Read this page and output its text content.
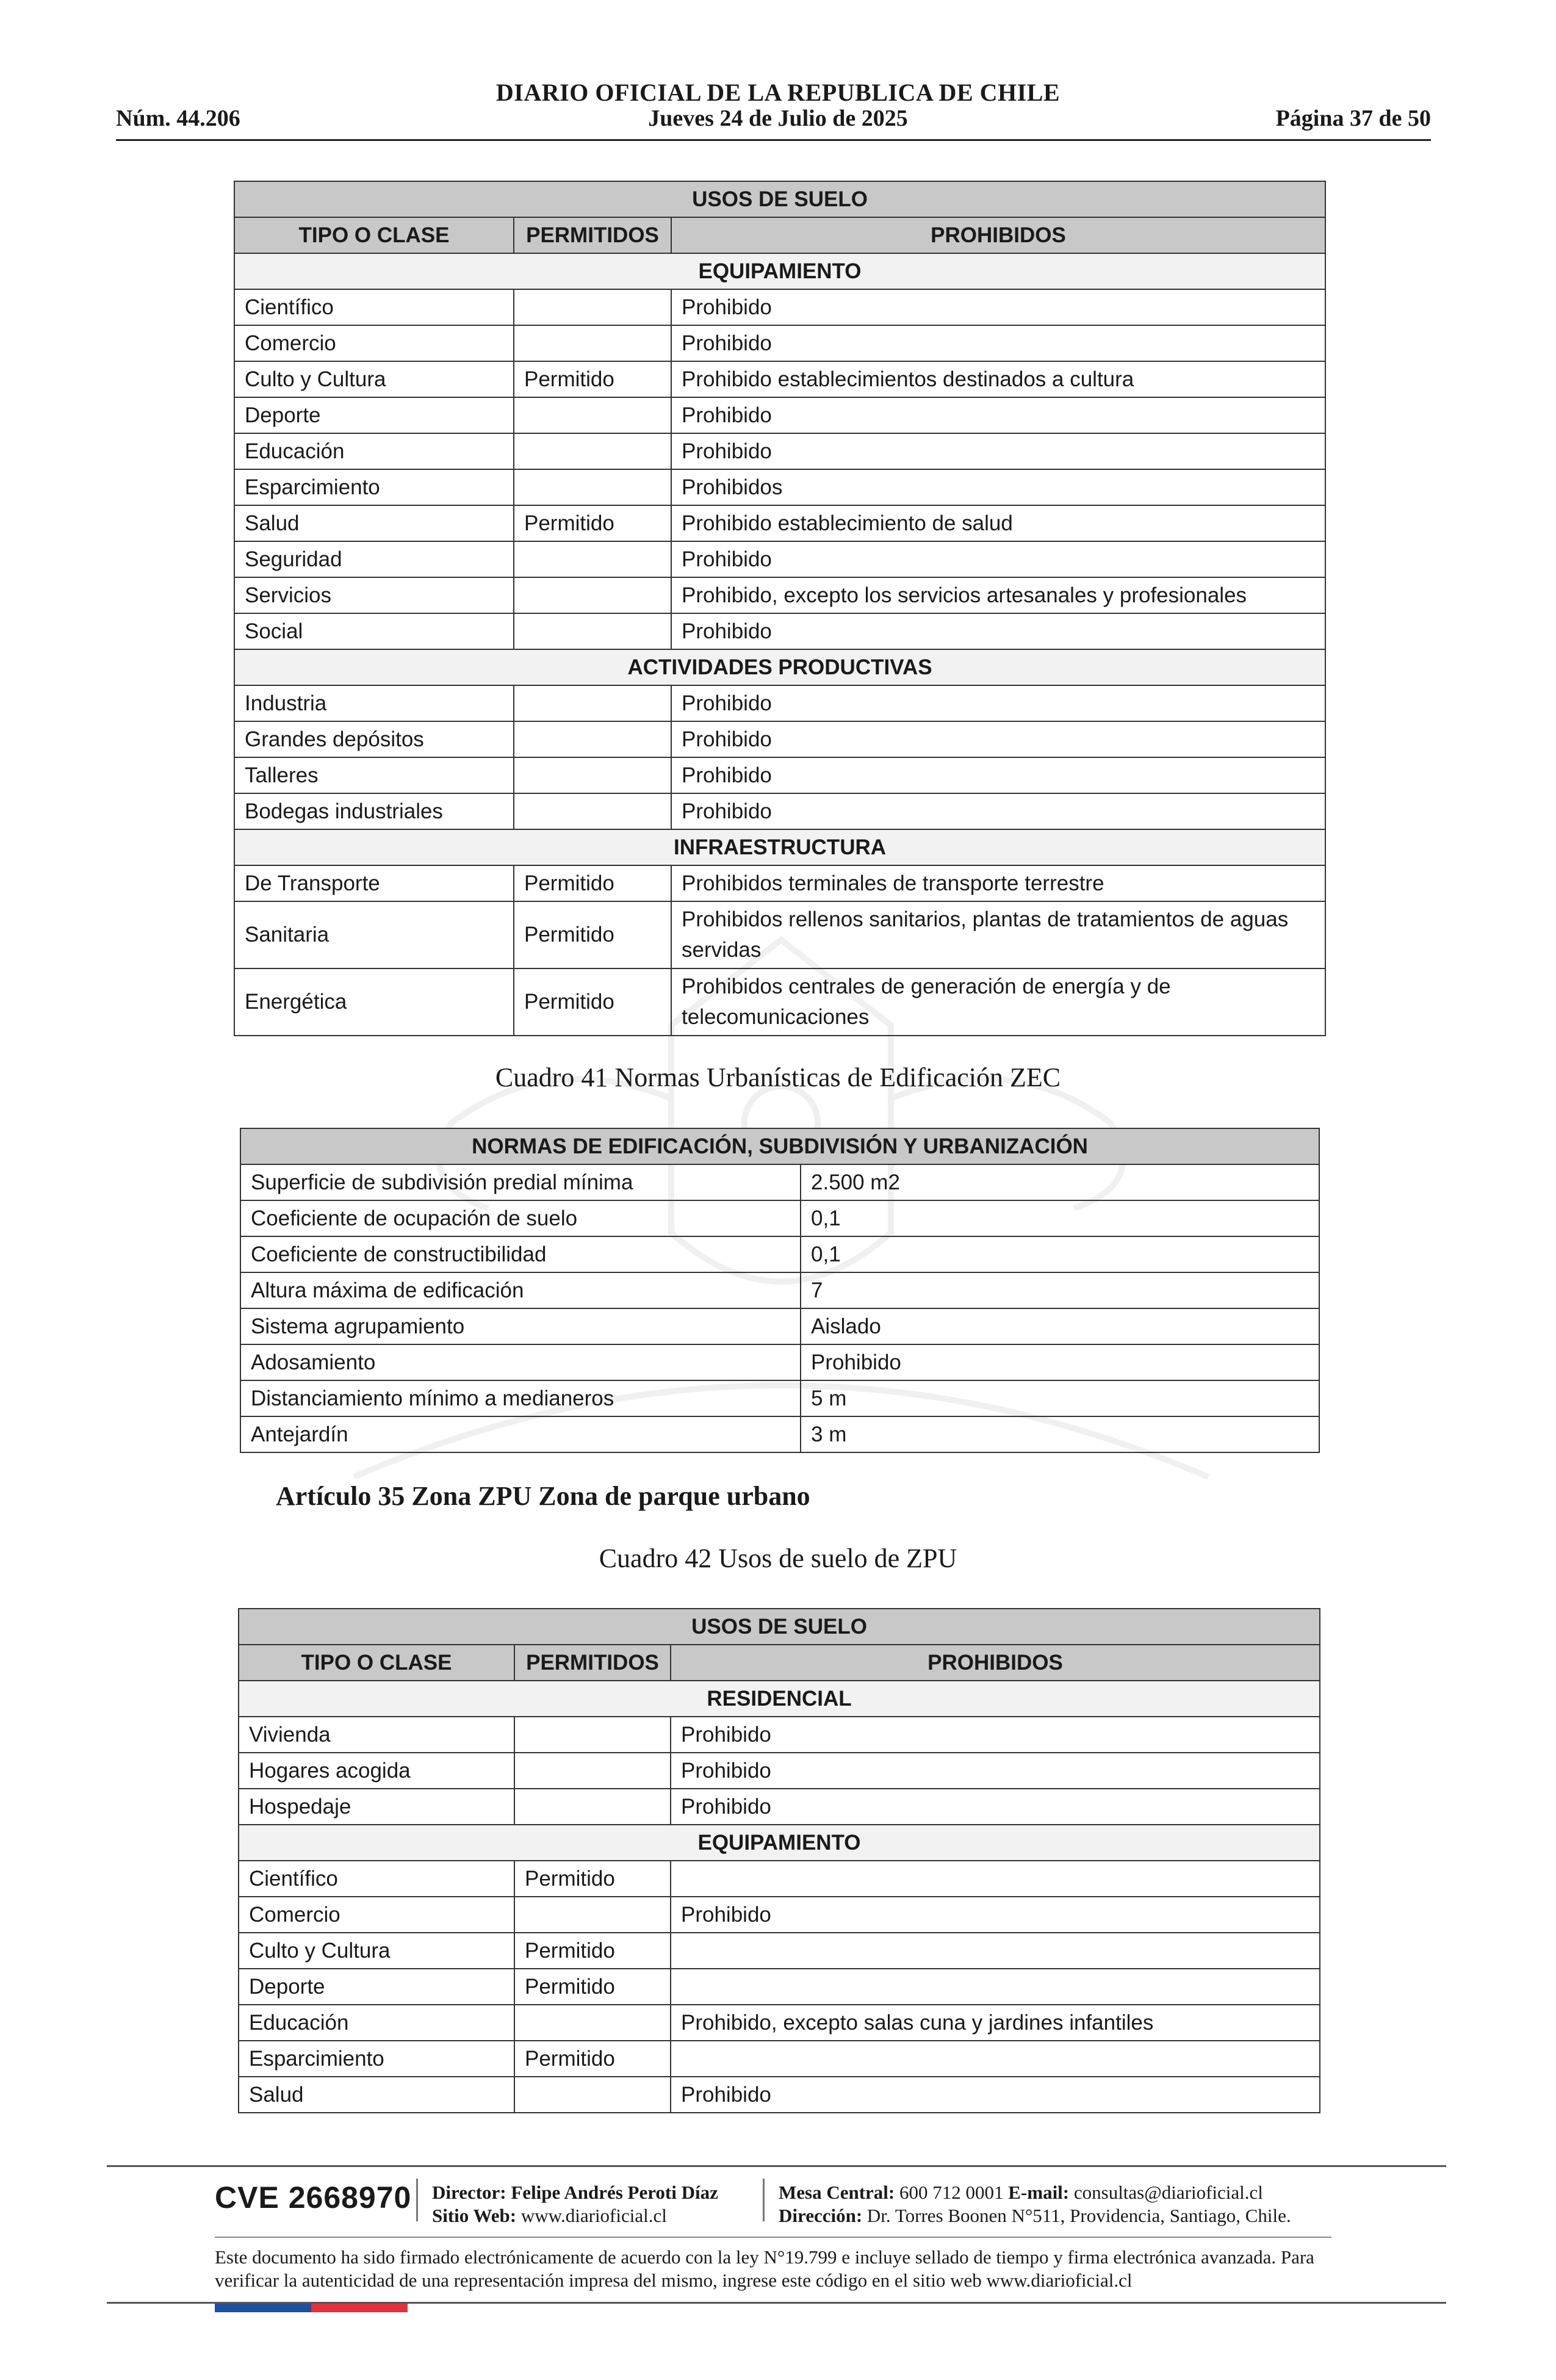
DIARIO OFICIAL DE LA REPUBLICA DE CHILE
Núm. 44.206	Jueves 24 de Julio de 2025	Página 37 de 50
USOS DE SUELO		
TIPO O CLASE	PERMITIDOS	PROHIBIDOS
EQUIPAMIENTO		
Científico		Prohibido
Comercio		Prohibido
Culto y Cultura	Permitido	Prohibido establecimientos destinados a cultura
Deporte		Prohibido
Educación		Prohibido
Esparcimiento		Prohibidos
Salud	Permitido	Prohibido establecimiento de salud
Seguridad		Prohibido
Servicios		Prohibido, excepto los servicios artesanales y profesionales
Social		Prohibido
ACTIVIDADES PRODUCTIVAS		
Industria		Prohibido
Grandes depósitos		Prohibido
Talleres		Prohibido
Bodegas industriales		Prohibido
INFRAESTRUCTURA		
De Transporte	Permitido	Prohibidos terminales de transporte terrestre
Sanitaria	Permitido	Prohibidos rellenos sanitarios, plantas de tratamientos de aguas servidas
Energética	Permitido	Prohibidos centrales de generación de energía y de telecomunicaciones
Cuadro 41 Normas Urbanísticas de Edificación ZEC
NORMAS DE EDIFICACIÓN, SUBDIVISIÓN Y URBANIZACIÓN	
Superficie de subdivisión predial mínima	2.500 m2
Coeficiente de ocupación de suelo	0,1
Coeficiente de constructibilidad	0,1
Altura máxima de edificación	7
Sistema agrupamiento	Aislado
Adosamiento	Prohibido
Distanciamiento mínimo a medianeros	5 m
Antejardín	3 m
Artículo 35 Zona ZPU Zona de parque urbano
Cuadro 42 Usos de suelo de ZPU
USOS DE SUELO		
TIPO O CLASE	PERMITIDOS	PROHIBIDOS
RESIDENCIAL		
Vivienda		Prohibido
Hogares acogida		Prohibido
Hospedaje		Prohibido
EQUIPAMIENTO		
Científico	Permitido	
Comercio		Prohibido
Culto y Cultura	Permitido	
Deporte	Permitido	
Educación		Prohibido, excepto salas cuna y jardines infantiles
Esparcimiento	Permitido	
Salud		Prohibido
CVE 2668970 Director: Felipe Andrés Peroti Díaz
Sitio Web: www.diarioficial.cl
Mesa Central: 600 712 0001 E-mail: consultas@diarioficial.cl
Dirección: Dr. Torres Boonen N°511, Providencia, Santiago, Chile.
Este documento ha sido firmado electrónicamente de acuerdo con la ley N°19.799 e incluye sellado de tiempo y firma electrónica avanzada. Para verificar la autenticidad de una representación impresa del mismo, ingrese este código en el sitio web www.diarioficial.cl
